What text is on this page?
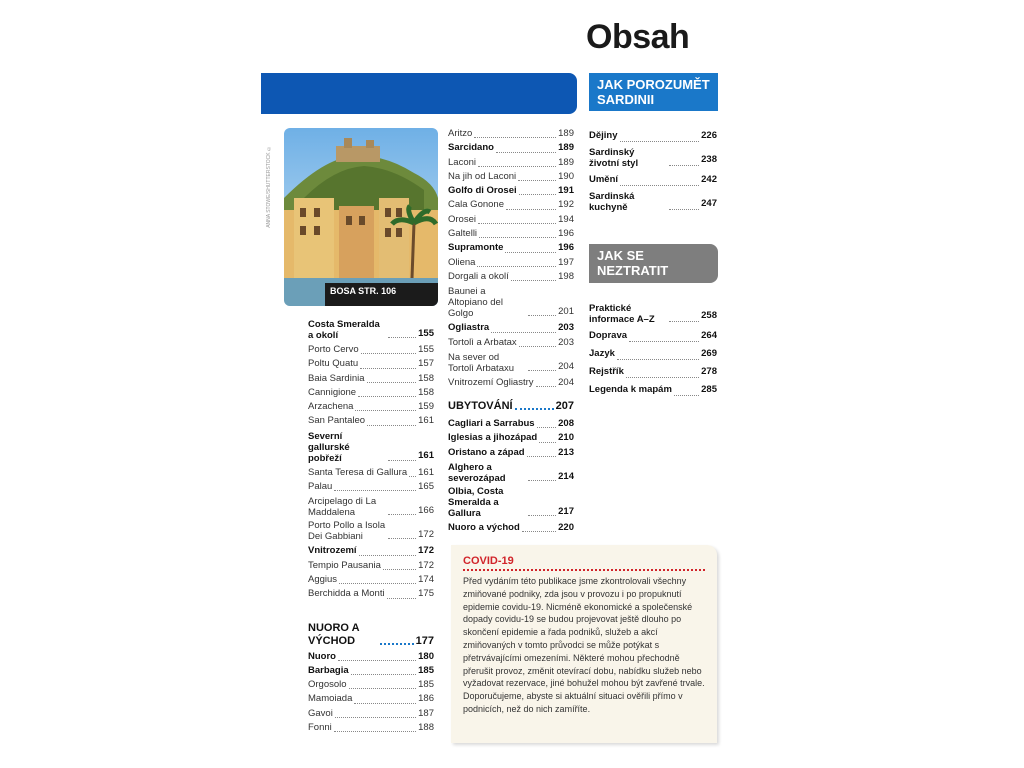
Obsah
JAK POROZUMĚT SARDINII
JAK SE NEZTRATIT
ANNA STOWE/SHUTTERSTOCK ©
BOSA STR. 106
Costa Smeralda a okolí	155
Porto Cervo	155
Poltu Quatu	157
Baia Sardinia	158
Cannigione	158
Arzachena	159
San Pantaleo	161
Severní gallurské pobřeží	161
Santa Teresa di Gallura 161
Palau	165
Arcipelago di La Maddalena	166
Porto Pollo a Isola Dei Gabbiani	172
Vnitrozemí	172
Tempio Pausania	172
Aggius	174
Berchidda a Monti	175
NUORO A VÝCHOD	177
Nuoro	180
Barbagia	185
Orgosolo	185
Mamoiada	186
Gavoi	187
Fonni	188
Aritzo	189
Sarcidano	189
Laconi	189
Na jih od Laconi	190
Golfo di Orosei	191
Cala Gonone	192
Orosei	194
Galtelli	196
Supramonte	196
Oliena	197
Dorgali a okolí	198
Baunei a Altopiano del Golgo	201
Ogliastra	203
Tortolì a Arbatax	203
Na sever od Tortolì Arbataxu	204
Vnitrozemí Ogliastry	204
UBYTOVÁNÍ	207
Cagliari a Sarrabus 208
Iglesias a jihozápad 210
Oristano a západ	213
Alghero a severozápad	214
Olbia, Costa Smeralda a Gallura	217
Nuoro a východ	220
Dějiny	226
Sardinský životní styl	238
Umění	242
Sardinská kuchyně	247
Praktické informace A–Z	258
Doprava	264
Jazyk	269
Rejstřík	278
Legenda k mapám	285
COVID-19
Před vydáním této publikace jsme zkontrolovali všechny zmiňované podniky, zda jsou v provozu i po propuknutí epidemie covidu-19. Nicméně ekonomické a společenské dopady covidu-19 se budou projevovat ještě dlouho po skončení epidemie a řada podniků, služeb a akcí zmiňovaných v tomto průvodci se může potýkat s přetrvávajícími omezeními. Některé mohou přechodně přerušit provoz, změnit otevírací dobu, nabídku služeb nebo vyžadovat rezervace, jiné bohužel mohou být zavřené trvale. Doporučujeme, abyste si aktuální situaci ověřili přímo v podnicích, než do nich zamíříte.
